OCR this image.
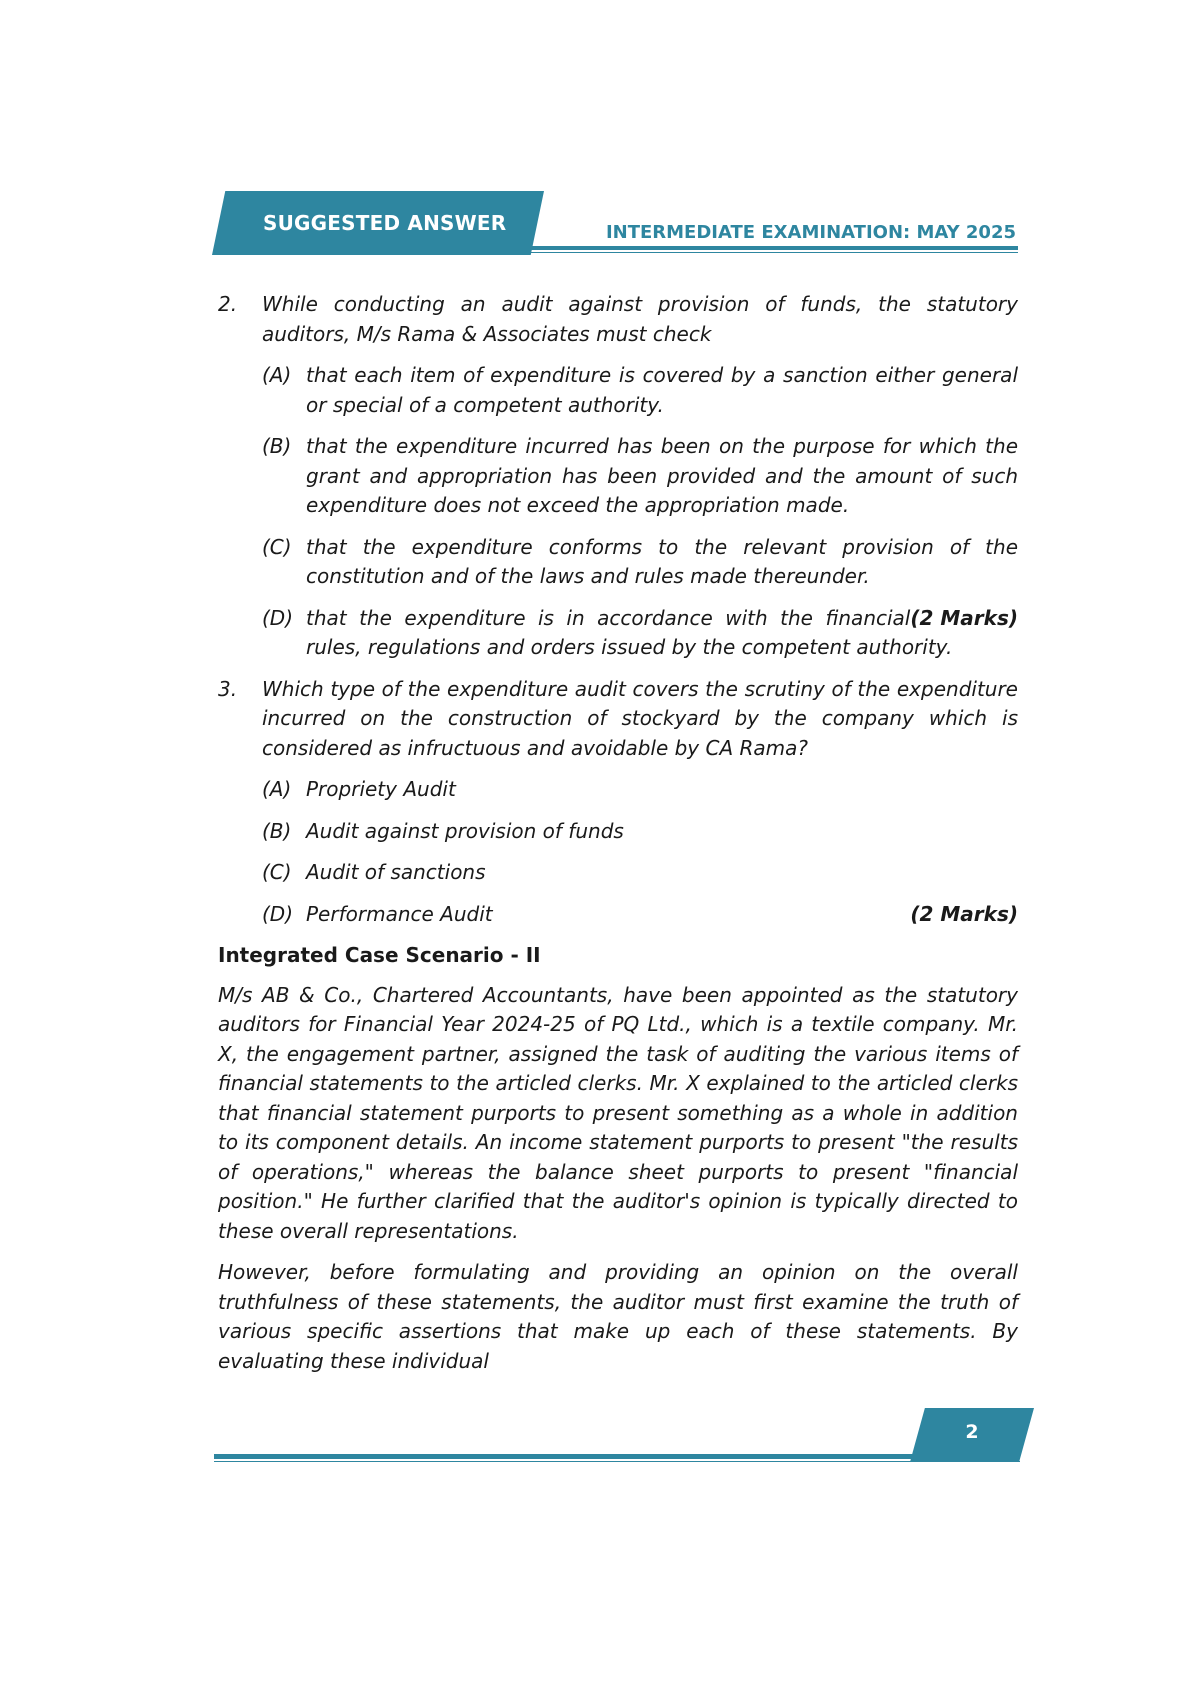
SUGGESTED ANSWER	INTERMEDIATE EXAMINATION: MAY 2025
2. While conducting an audit against provision of funds, the statutory auditors, M/s Rama & Associates must check
(A) that each item of expenditure is covered by a sanction either general or special of a competent authority.
(B) that the expenditure incurred has been on the purpose for which the grant and appropriation has been provided and the amount of such expenditure does not exceed the appropriation made.
(C) that the expenditure conforms to the relevant provision of the constitution and of the laws and rules made thereunder.
(D)	(2 Marks)
that the expenditure is in accordance with the financial rules, regulations and orders issued by the competent authority.
3. Which type of the expenditure audit covers the scrutiny of the expenditure incurred on the construction of stockyard by the company which is considered as infructuous and avoidable by CA Rama?
(A) Propriety Audit
(B) Audit against provision of funds
(C) Audit of sanctions
(D)	(2 Marks)
Performance Audit
Integrated Case Scenario - II
M/s AB & Co., Chartered Accountants, have been appointed as the statutory auditors for Financial Year 2024-25 of PQ Ltd., which is a textile company. Mr. X, the engagement partner, assigned the task of auditing the various items of financial statements to the articled clerks. Mr. X explained to the articled clerks that financial statement purports to present something as a whole in addition to its component details. An income statement purports to present "the results of operations," whereas the balance sheet purports to present "financial position." He further clarified that the auditor's opinion is typically directed to these overall representations.
However, before formulating and providing an opinion on the overall truthfulness of these statements, the auditor must first examine the truth of various specific assertions that make up each of these statements. By evaluating these individual
2
